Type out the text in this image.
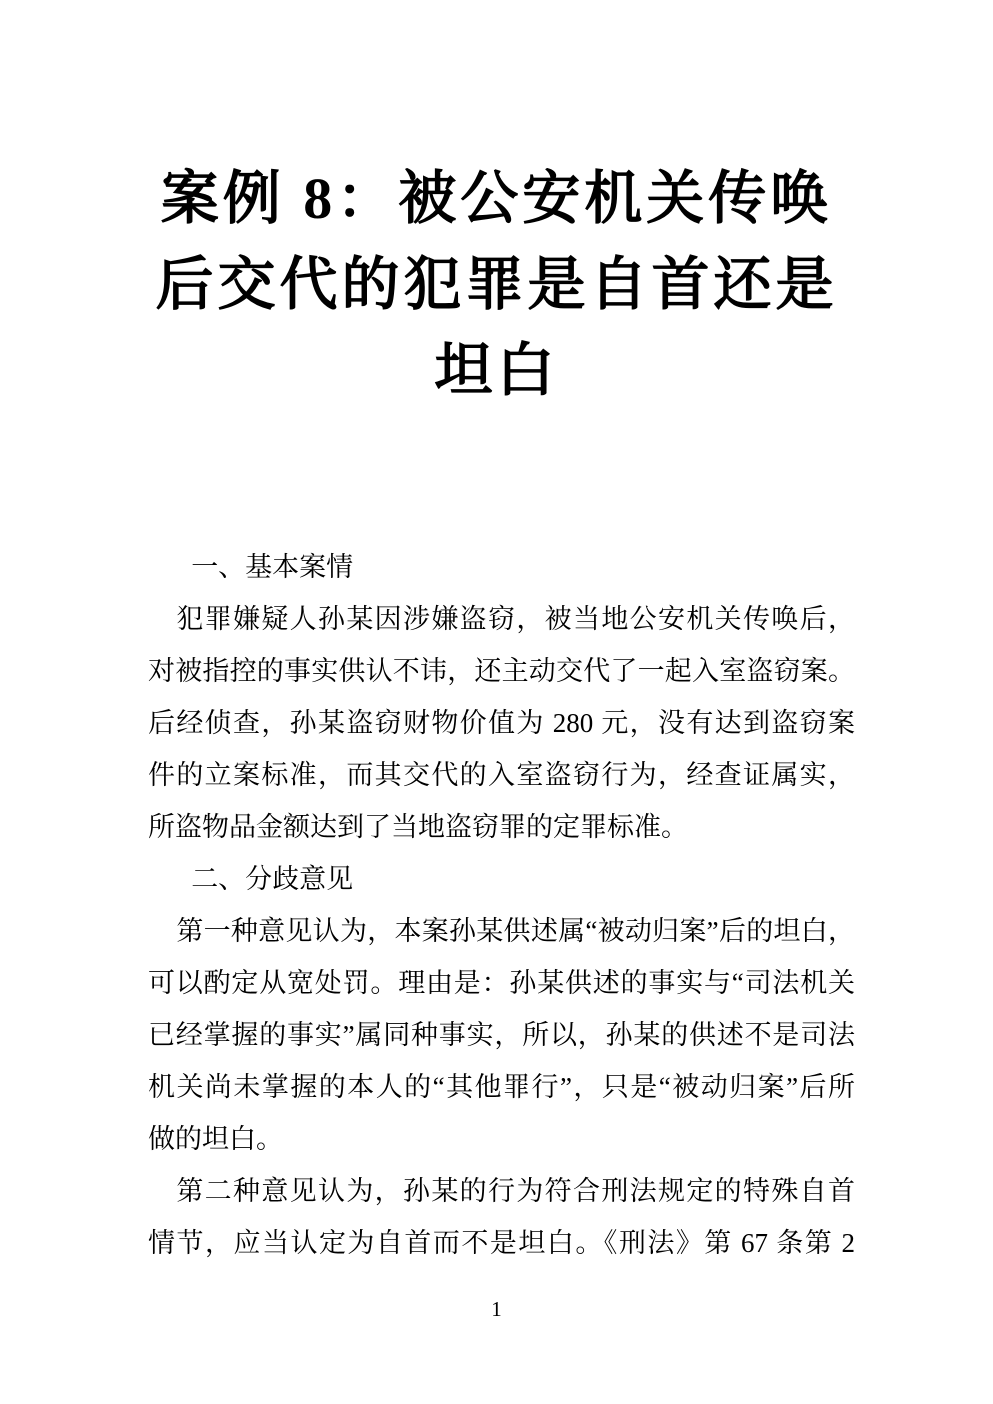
案例 8：被公安机关传唤
后交代的犯罪是自首还是
坦白
一、基本案情
犯罪嫌疑人孙某因涉嫌盗窃，被当地公安机关传唤后，
对被指控的事实供认不讳，还主动交代了一起入室盗窃案。
后经侦查，孙某盗窃财物价值为 280 元，没有达到盗窃案
件的立案标准，而其交代的入室盗窃行为，经查证属实，
所盗物品金额达到了当地盗窃罪的定罪标准。
二、分歧意见
第一种意见认为，本案孙某供述属“被动归案”后的坦白，
可以酌定从宽处罚。理由是：孙某供述的事实与“司法机关
已经掌握的事实”属同种事实，所以，孙某的供述不是司法
机关尚未掌握的本人的“其他罪行”，只是“被动归案”后所
做的坦白。
第二种意见认为，孙某的行为符合刑法规定的特殊自首
情节，应当认定为自首而不是坦白。《刑法》第 67 条第 2
1
